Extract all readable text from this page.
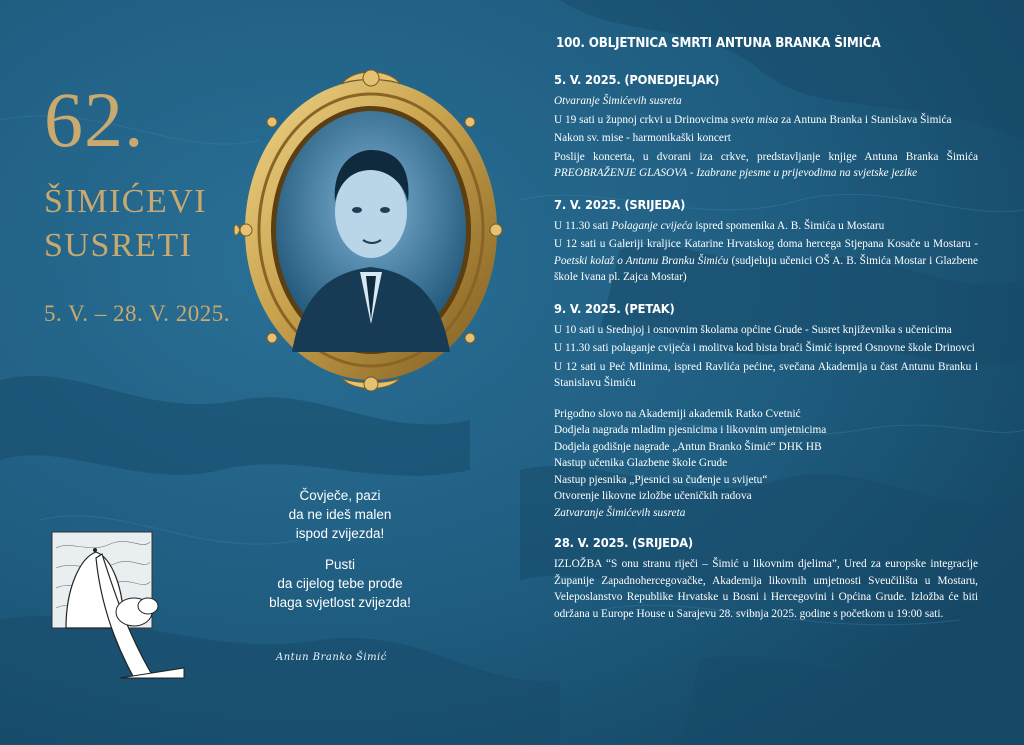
62.
ŠIMIĆEVI
SUSRETI
5. V. – 28. V. 2025.
Čovječe, pazi
da ne ideš malen
ispod zvijezda!
Pusti
da cijelog tebe prođe
blaga svjetlost zvijezda!
Antun Branko Šimić
100. OBLJETNICA SMRTI ANTUNA BRANKA ŠIMIĆA
5. V. 2025. (PONEDJELJAK)

Otvaranje Šimićevih susreta

U 19 sati u župnoj crkvi u Drinovcima sveta misa za Antuna Branka i Stanislava Šimića

Nakon sv. mise - harmonikaški koncert

Poslije koncerta, u dvorani iza crkve, predstavljanje knjige Antuna Branka Šimića PREOBRAŽENJE GLASOVA - Izabrane pjesme u prijevodima na svjetske jezike

7. V. 2025. (SRIJEDA)

U 11.30 sati Polaganje cvijeća ispred spomenika A. B. Šimića u Mostaru

U 12 sati u Galeriji kraljice Katarine Hrvatskog doma hercega Stjepana Kosače u Mostaru - Poetski kolaž o Antunu Branku Šimiću (sudjeluju učenici OŠ A. B. Šimića Mostar i Glazbene škole Ivana pl. Zajca Mostar)

9. V. 2025. (PETAK)

U 10 sati u Srednjoj i osnovnim školama općine Grude - Susret književnika s učenicima

U 11.30 sati polaganje cvijeća i molitva kod bista braći Šimić ispred Osnovne škole Drinovci

U 12 sati u Peć Mlinima, ispred Ravlića pećine, svečana Akademija u čast Antunu Branku i Stanislavu Šimiću

Prigodno slovo na Akademiji akademik Ratko Cvetnić

Dodjela nagrada mladim pjesnicima i likovnim umjetnicima

Dodjela godišnje nagrade „Antun Branko Šimić“ DHK HB

Nastup učenika Glazbene škole Grude

Nastup pjesnika „Pjesnici su čuđenje u svijetu“

Otvorenje likovne izložbe učeničkih radova

Zatvaranje Šimićevih susreta

28. V. 2025. (SRIJEDA)

IZLOŽBA “S onu stranu riječi – Šimić u likovnim djelima”, Ured za europske integracije Županije Zapadnohercegovačke, Akademija likovnih umjetnosti Sveučilišta u Mostaru, Veleposlanstvo Republike Hrvatske u Bosni i Hercegovini i Općina Grude. Izložba će biti održana u Europe House u Sarajevu 28. svibnja 2025. godine s početkom u 19:00 sati.
